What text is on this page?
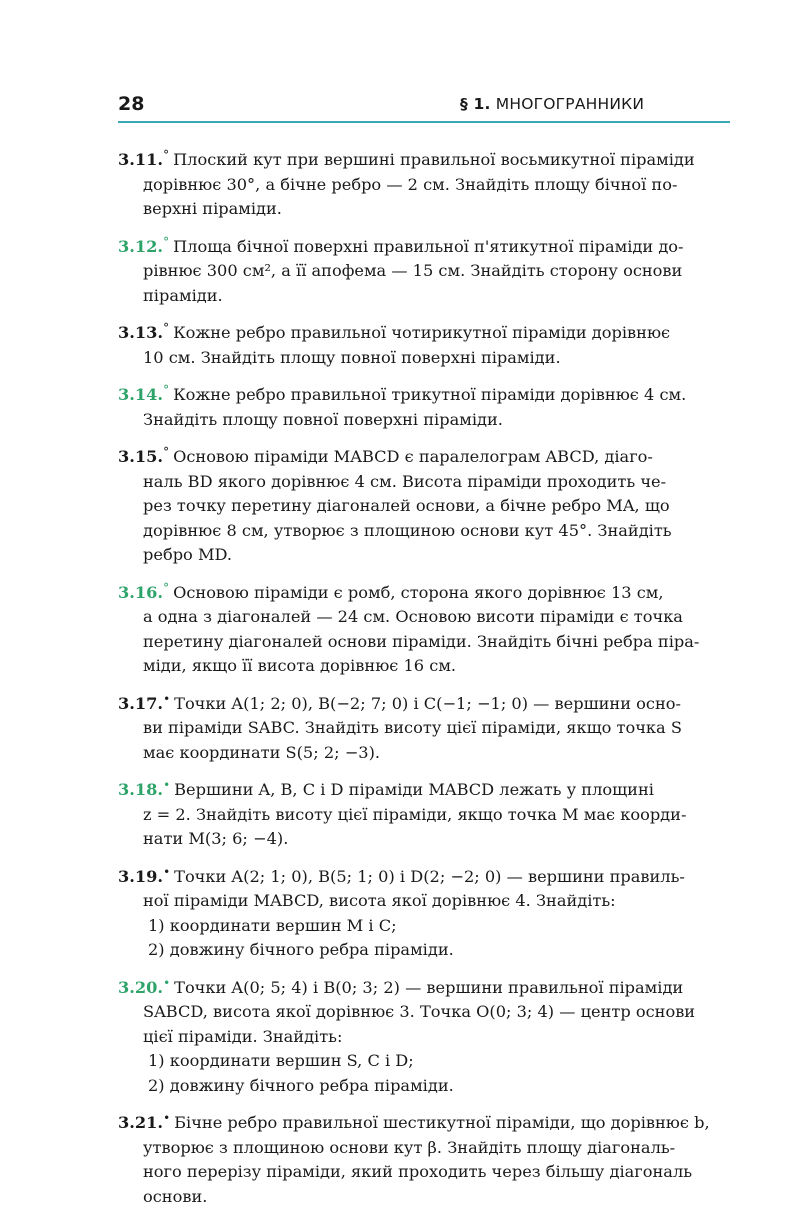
28	§ 1. МНОГОГРАННИКИ
3.11.° Плоский кут при вершині правильної восьмикутної піраміди
дорівнює 30°, а бічне ребро — 2 см. Знайдіть площу бічної по-
верхні піраміди.
3.12.° Площа бічної поверхні правильної п'ятикутної піраміди до-
рівнює 300 см², а її апофема — 15 см. Знайдіть сторону основи
піраміди.
3.13.° Кожне ребро правильної чотирикутної піраміди дорівнює
10 см. Знайдіть площу повної поверхні піраміди.
3.14.° Кожне ребро правильної трикутної піраміди дорівнює 4 см.
Знайдіть площу повної поверхні піраміди.
3.15.° Основою піраміди MABCD є паралелограм ABCD, діаго-
наль BD якого дорівнює 4 см. Висота піраміди проходить че-
рез точку перетину діагоналей основи, а бічне ребро MA, що
дорівнює 8 см, утворює з площиною основи кут 45°. Знайдіть
ребро MD.
3.16.° Основою піраміди є ромб, сторона якого дорівнює 13 см,
а одна з діагоналей — 24 см. Основою висоти піраміди є точка
перетину діагоналей основи піраміди. Знайдіть бічні ребра пірa-
міди, якщо її висота дорівнює 16 см.
3.17.• Точки A(1; 2; 0), B(−2; 7; 0) і C(−1; −1; 0) — вершини осно-
ви піраміди SABC. Знайдіть висоту цієї піраміди, якщо точка S
має координати S(5; 2; −3).
3.18.• Вершини A, B, C і D піраміди MABCD лежать у площині
z = 2. Знайдіть висоту цієї піраміди, якщо точка M має коорди-
нати M(3; 6; −4).
3.19.• Точки A(2; 1; 0), B(5; 1; 0) і D(2; −2; 0) — вершини правиль-
ної піраміди MABCD, висота якої дорівнює 4. Знайдіть:
1) координати вершин M і C;
2) довжину бічного ребра піраміди.
3.20.• Точки A(0; 5; 4) і B(0; 3; 2) — вершини правильної піраміди
SABCD, висота якої дорівнює 3. Точка O(0; 3; 4) — центр основи
цієї піраміди. Знайдіть:
1) координати вершин S, C і D;
2) довжину бічного ребра піраміди.
3.21.• Бічне ребро правильної шестикутної піраміди, що дорівнює b,
утворює з площиною основи кут β. Знайдіть площу діагональ-
ного перерізу піраміди, який проходить через більшу діагональ
основи.
